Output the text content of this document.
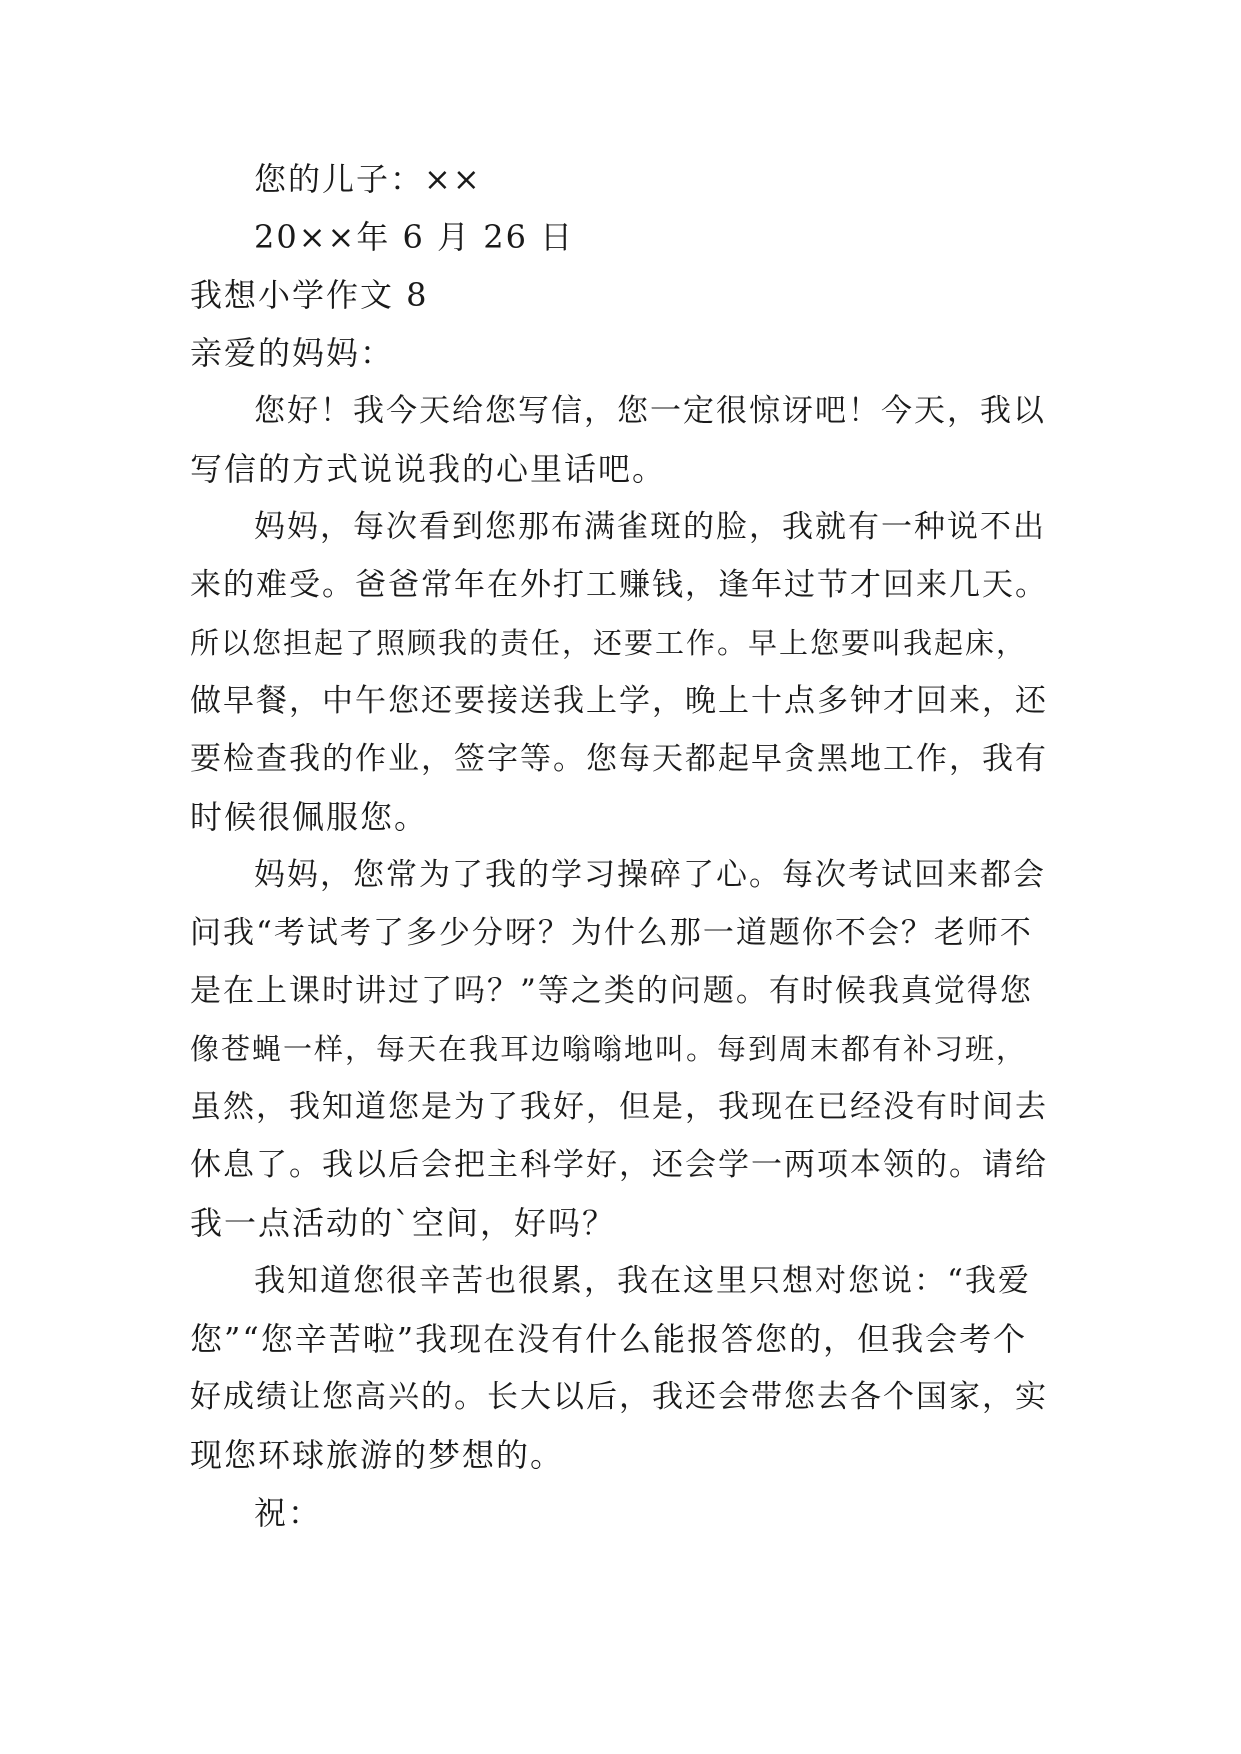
您的儿子：××
20××年 6 月 26 日
我想小学作文 8
亲爱的妈妈：
您好！我今天给您写信，您一定很惊讶吧！今天，我以
写信的方式说说我的心里话吧。
妈妈，每次看到您那布满雀斑的脸，我就有一种说不出
来的难受。爸爸常年在外打工赚钱，逢年过节才回来几天。
所以您担起了照顾我的责任，还要工作。早上您要叫我起床，
做早餐，中午您还要接送我上学，晚上十点多钟才回来，还
要检查我的作业，签字等。您每天都起早贪黑地工作，我有
时候很佩服您。
妈妈，您常为了我的学习操碎了心。每次考试回来都会
问我“考试考了多少分呀？为什么那一道题你不会？老师不
是在上课时讲过了吗？”等之类的问题。有时候我真觉得您
像苍蝇一样，每天在我耳边嗡嗡地叫。每到周末都有补习班，
虽然，我知道您是为了我好，但是，我现在已经没有时间去
休息了。我以后会把主科学好，还会学一两项本领的。请给
我一点活动的`空间，好吗？
我知道您很辛苦也很累，我在这里只想对您说：“我爱
您”“您辛苦啦”我现在没有什么能报答您的，但我会考个
好成绩让您高兴的。长大以后，我还会带您去各个国家，实
现您环球旅游的梦想的。
祝：
